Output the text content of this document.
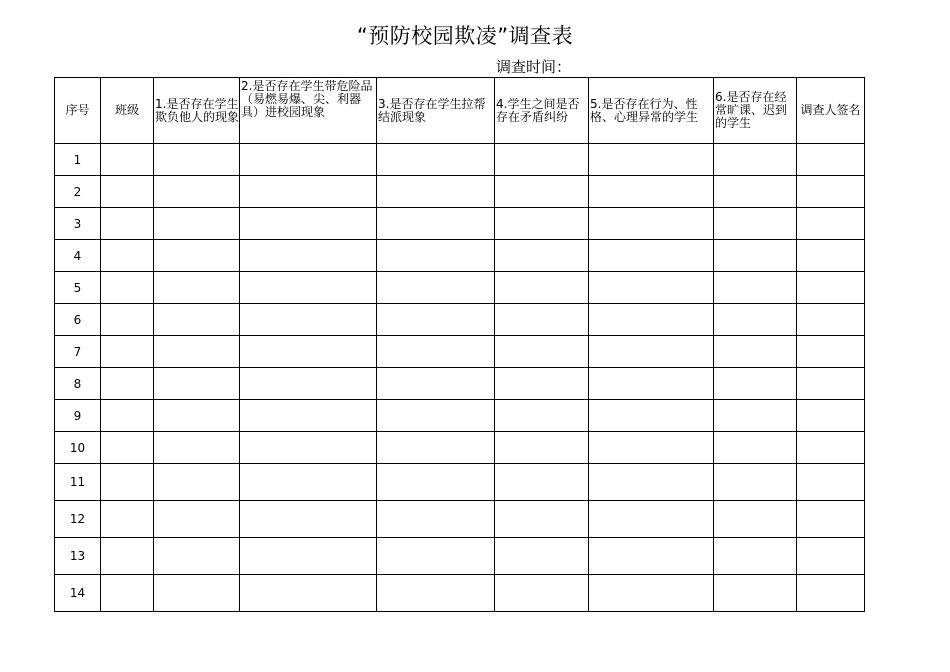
“预防校园欺凌”调查表
调查时间：
序号	班级	1.是否存在学生欺负他人的现象	2.是否存在学生带危险品（易燃易爆、尖、利器具）进校园现象	3.是否存在学生拉帮结派现象	4.学生之间是否存在矛盾纠纷	5.是否存在行为、性格、心理异常的学生	6.是否存在经常旷课、迟到的学生	调查人签名
1								
2								
3								
4								
5								
6								
7								
8								
9								
10								
11								
12								
13								
14								
